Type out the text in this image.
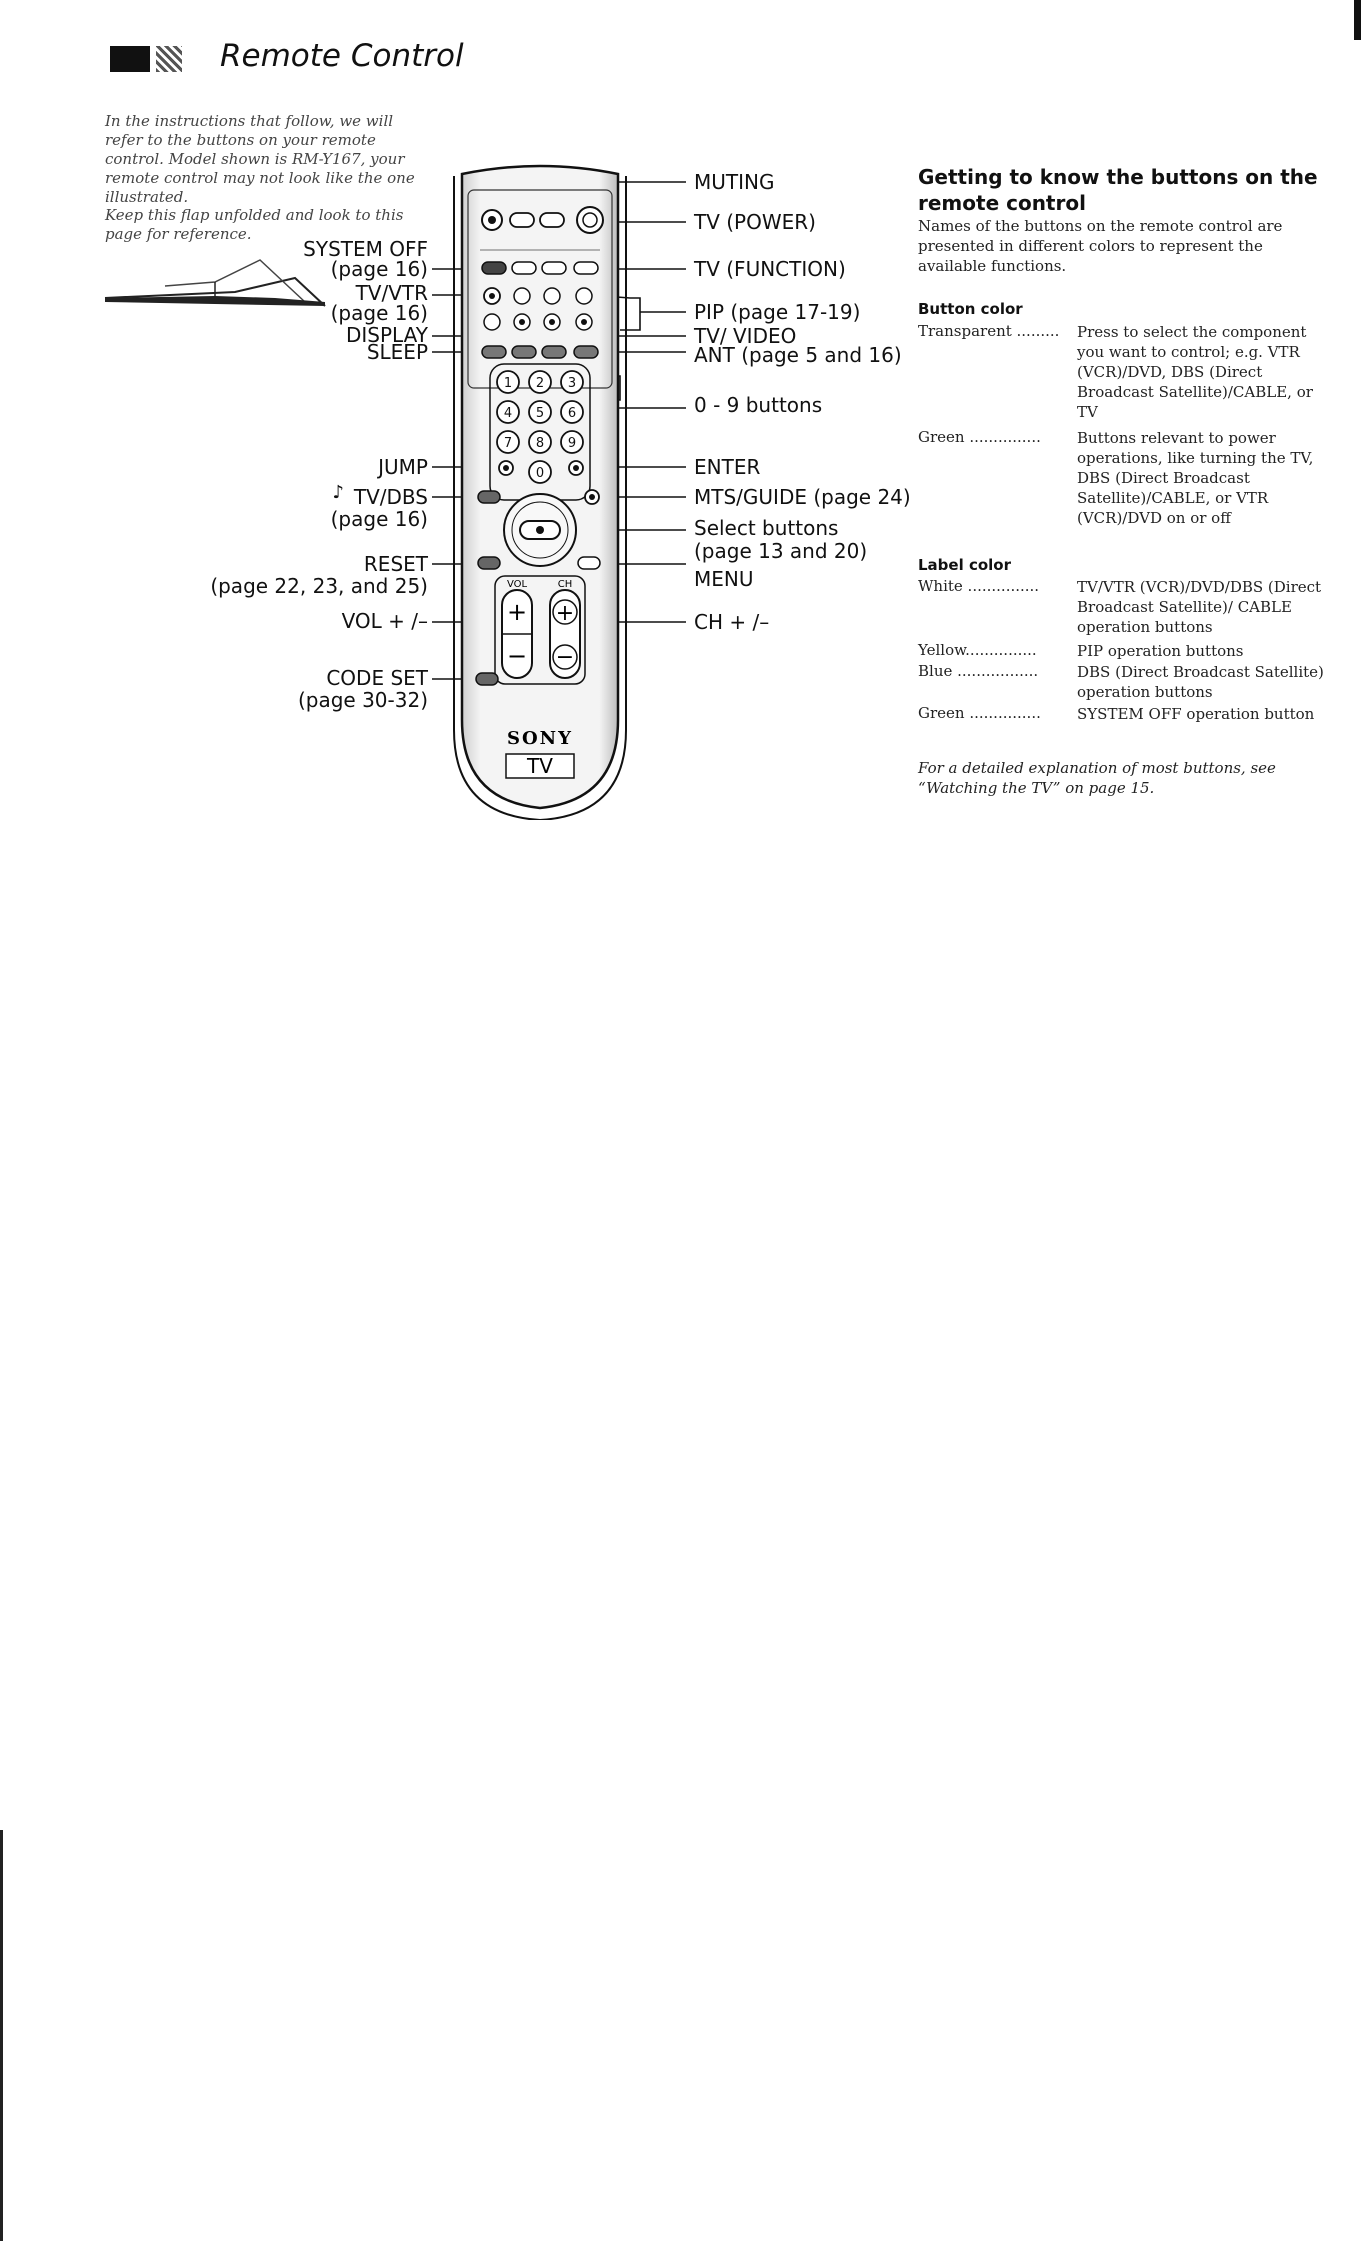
Remote Control
In the instructions that follow, we will refer to the buttons on your remote control. Model shown is RM-Y167, your remote control may not look like the one illustrated.
Keep this flap unfolded and look to this page for reference.
1 2 3
4 5 6
7 8 9
0
VOL	CH
+
−
+
−
SONY
TV
SYSTEM OFF
(page 16)
TV/VTR
(page 16)
DISPLAY
SLEEP
JUMP
TV/DBS
♪
(page 16)
RESET
(page 22, 23, and 25)
VOL + /–
CODE SET
(page 30-32)
MUTING
TV (POWER)
TV (FUNCTION)
PIP (page 17-19)
TV/ VIDEO
ANT (page 5 and 16)
0 - 9 buttons
ENTER
MTS/GUIDE (page 24)
Select buttons
(page 13 and 20)
MENU
CH + /–
Getting to know the buttons on the remote control
Names of the buttons on the remote control are presented in different colors to represent the available functions.
Button color
Transparent ......... Press to select the component you want to control; e.g. VTR (VCR)/DVD, DBS (Direct Broadcast Satellite)/CABLE, or TV
Green ............... Buttons relevant to power operations, like turning the TV, DBS (Direct Broadcast Satellite)/CABLE, or VTR (VCR)/DVD on or off
Label color
White ...............	TV/VTR (VCR)/DVD/DBS (Direct Broadcast Satellite)/ CABLE operation buttons
Yellow...............	PIP operation buttons
Blue .................	DBS (Direct Broadcast Satellite) operation buttons
Green ............... SYSTEM OFF operation button
For a detailed explanation of most buttons, see “Watching the TV” on page 15.
